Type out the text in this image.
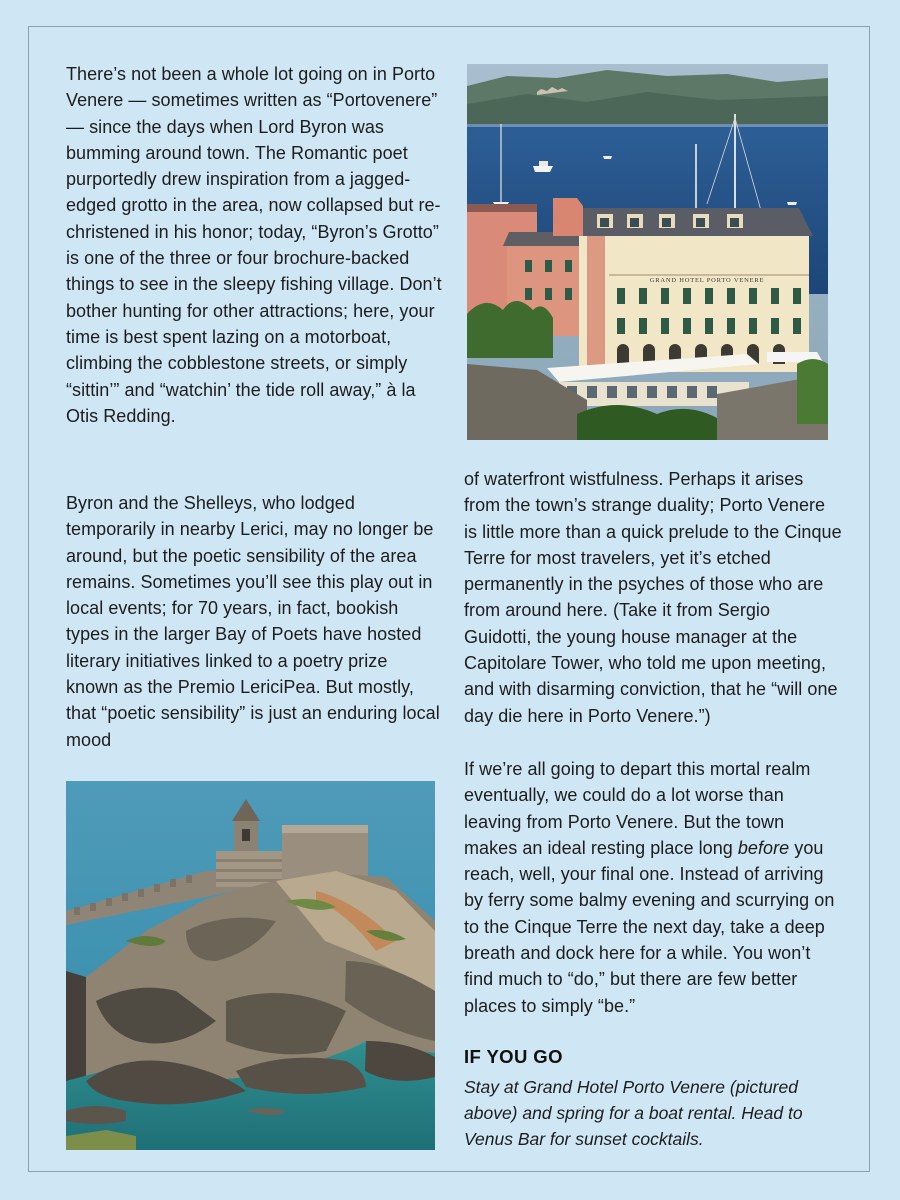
There’s not been a whole lot going on in Porto Venere — sometimes written as “Portovenere” — since the days when Lord Byron was bumming around town. The Romantic poet purportedly drew inspiration from a jagged-edged grotto in the area, now collapsed but re-christened in his honor; today, “Byron’s Grotto” is one of the three or four brochure-backed things to see in the sleepy fishing village. Don’t bother hunting for other attractions; here, your time is best spent lazing on a motorboat, climbing the cobblestone streets, or simply “sittin’” and “watchin’ the tide roll away,” à la Otis Redding.

Byron and the Shelleys, who lodged temporarily in nearby Lerici, may no longer be around, but the poetic sensibility of the area remains. Sometimes you’ll see this play out in local events; for 70 years, in fact, bookish types in the larger Bay of Poets have hosted literary initiatives linked to a poetry prize known as the Premio LericiPea. But mostly, that “poetic sensibility” is just an enduring local mood

of waterfront wistfulness. Perhaps it arises from the town’s strange duality; Porto Venere is little more than a quick prelude to the Cinque Terre for most travelers, yet it’s etched permanently in the psyches of those who are from around here. (Take it from Sergio Guidotti, the young house manager at the Capitolare Tower, who told me upon meeting, and with disarming conviction, that he “will one day die here in Porto Venere.”)

If we’re all going to depart this mortal realm eventually, we could do a lot worse than leaving from Porto Venere. But the town makes an ideal resting place long before you reach, well, your final one. Instead of arriving by ferry some balmy evening and scurrying on to the Cinque Terre the next day, take a deep breath and dock here for a while. You won’t find much to “do,” but there are few better places to simply “be.”

IF YOU GO

Stay at Grand Hotel Porto Venere (pictured above) and spring for a boat rental. Head to Venus Bar for sunset cocktails.

GRAND HOTEL PORTO VENERE
